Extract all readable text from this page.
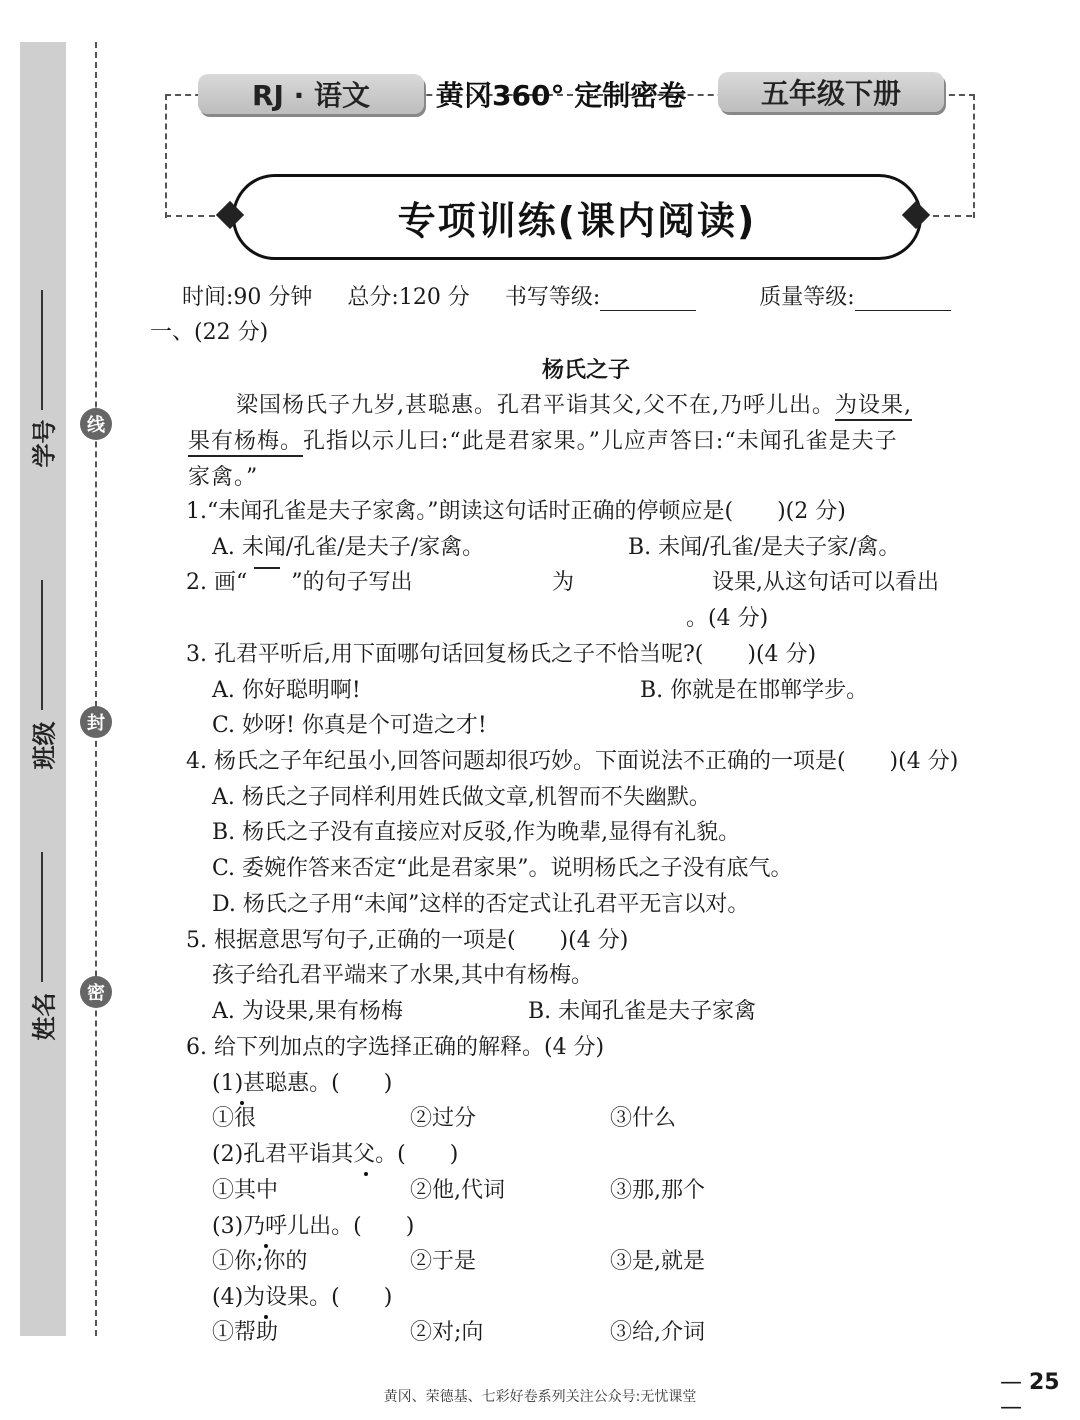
学号
班级
姓名
线
封
密
RJ · 语文	黄冈360° 定制密卷	五年级下册
专项训练(课内阅读)
时间:90 分钟 总分:120 分 书写等级:	质量等级:
一、(22 分)
杨氏之子
梁国杨氏子九岁,甚聪惠。孔君平诣其父,父不在,乃呼儿出。为设果,
果有杨梅。孔指以示儿曰:“此是君家果。”儿应声答曰:“未闻孔雀是夫子
家禽。”
1.“未闻孔雀是夫子家禽。”朗读这句话时正确的停顿应是(　　)(2 分)
A. 未闻/孔雀/是夫子/家禽。	B. 未闻/孔雀/是夫子家/禽。
2. 画“　　”的句子写出	为	设果,从这句话可以看出
。(4 分)
3. 孔君平听后,用下面哪句话回复杨氏之子不恰当呢?(　　)(4 分)
A. 你好聪明啊!	B. 你就是在邯郸学步。
C. 妙呀! 你真是个可造之才!
4. 杨氏之子年纪虽小,回答问题却很巧妙。下面说法不正确的一项是(　　)(4 分)
A. 杨氏之子同样利用姓氏做文章,机智而不失幽默。
B. 杨氏之子没有直接应对反驳,作为晚辈,显得有礼貌。
C. 委婉作答来否定“此是君家果”。说明杨氏之子没有底气。
D. 杨氏之子用“未闻”这样的否定式让孔君平无言以对。
5. 根据意思写句子,正确的一项是(　　)(4 分)
孩子给孔君平端来了水果,其中有杨梅。
A. 为设果,果有杨梅	B. 未闻孔雀是夫子家禽
6. 给下列加点的字选择正确的解释。(4 分)
(1)甚聪惠。(　　)
①很	②过分	③什么
(2)孔君平诣其父。(　　)
①其中	②他,代词	③那,那个
(3)乃呼儿出。(　　)
①你;你的	②于是	③是,就是
(4)为设果。(　　)
①帮助	②对;向	③给,介词
黄冈、荣德基、七彩好卷系列关注公众号:无忧课堂
— 25 —
